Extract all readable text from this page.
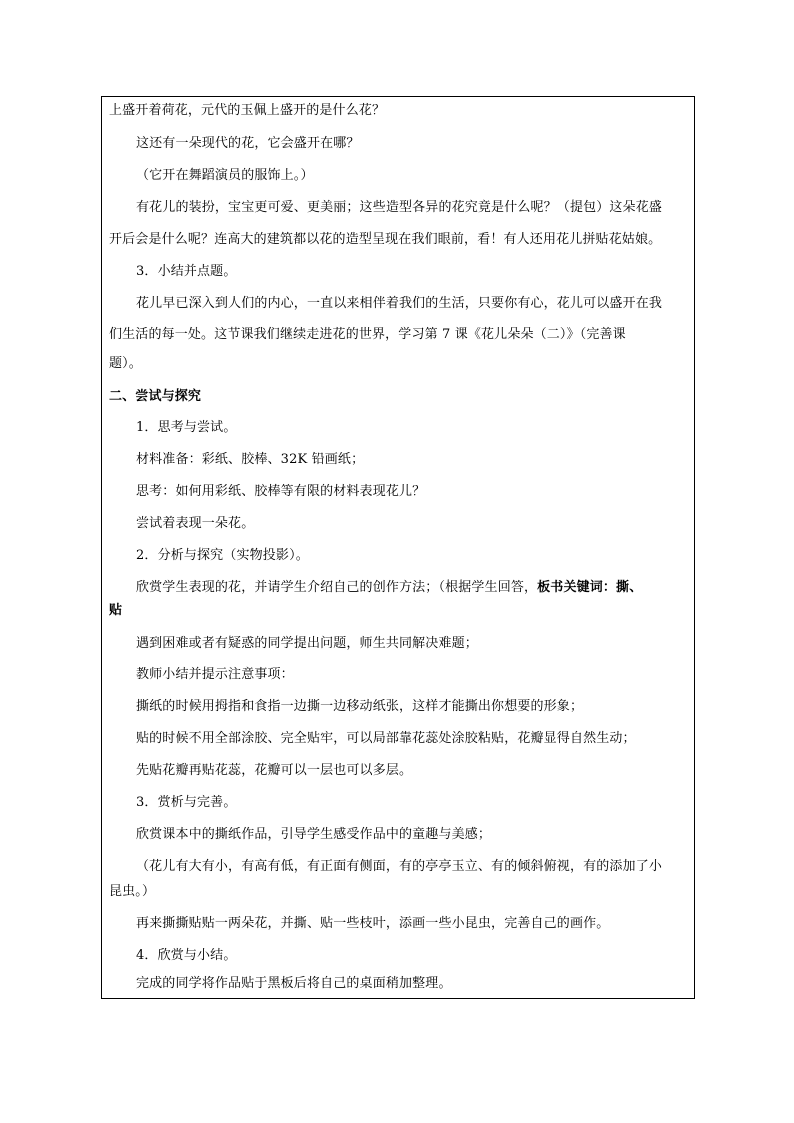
上盛开着荷花，元代的玉佩上盛开的是什么花？
这还有一朵现代的花，它会盛开在哪？
（它开在舞蹈演员的服饰上。）
有花儿的装扮，宝宝更可爱、更美丽；这些造型各异的花究竟是什么呢？（提包）这朵花盛
开后会是什么呢？连高大的建筑都以花的造型呈现在我们眼前，看！有人还用花儿拼贴花姑娘。
3．小结并点题。
花儿早已深入到人们的内心，一直以来相伴着我们的生活，只要你有心，花儿可以盛开在我
们生活的每一处。这节课我们继续走进花的世界，学习第 7 课《花儿朵朵（二）》（完善课
题）。
二、尝试与探究
1．思考与尝试。
材料准备：彩纸、胶棒、32K 铅画纸；
思考：如何用彩纸、胶棒等有限的材料表现花儿？
尝试着表现一朵花。
2．分析与探究（实物投影）。
欣赏学生表现的花，并请学生介绍自己的创作方法；（根据学生回答，板书关键词：撕、
贴
遇到困难或者有疑惑的同学提出问题，师生共同解决难题；
教师小结并提示注意事项：
撕纸的时候用拇指和食指一边撕一边移动纸张，这样才能撕出你想要的形象；
贴的时候不用全部涂胶、完全贴牢，可以局部靠花蕊处涂胶粘贴，花瓣显得自然生动；
先贴花瓣再贴花蕊，花瓣可以一层也可以多层。
3．赏析与完善。
欣赏课本中的撕纸作品，引导学生感受作品中的童趣与美感；
（花儿有大有小，有高有低，有正面有侧面，有的亭亭玉立、有的倾斜俯视，有的添加了小
昆虫。）
再来撕撕贴贴一两朵花，并撕、贴一些枝叶，添画一些小昆虫，完善自己的画作。
4．欣赏与小结。
完成的同学将作品贴于黑板后将自己的桌面稍加整理。
